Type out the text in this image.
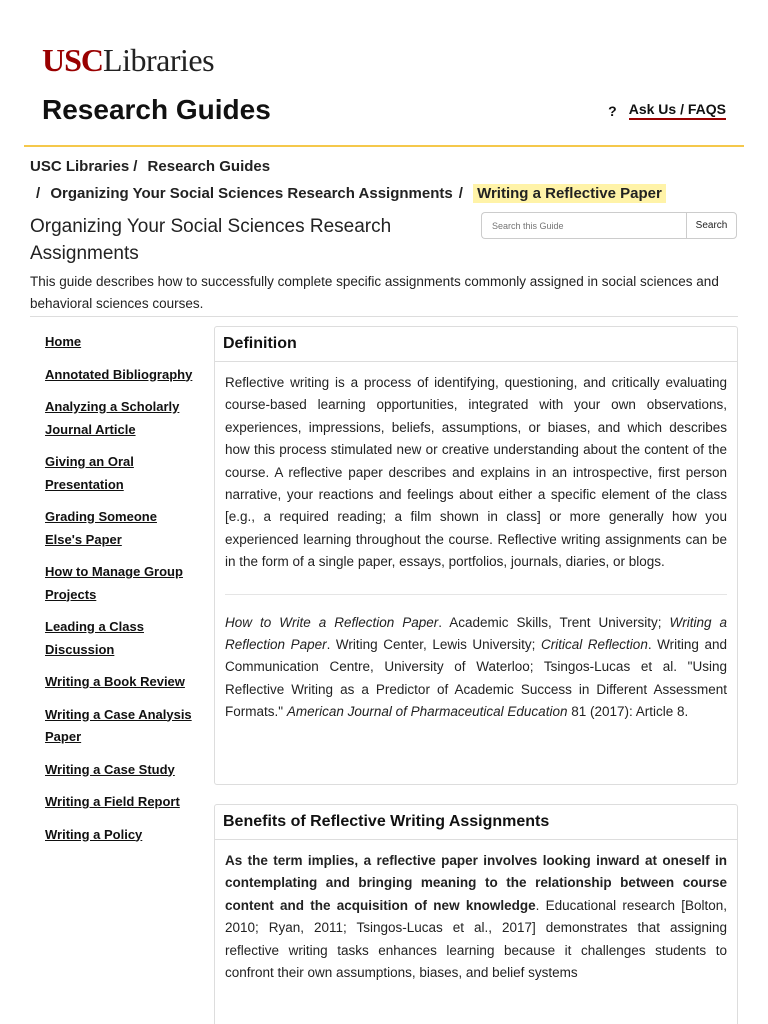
USC Libraries
Research Guides	? Ask Us / FAQS
USC Libraries / Research Guides
/ Organizing Your Social Sciences Research Assignments / Writing a Reflective Paper
Organizing Your Social Sciences Research Assignments
Search this Guide
Search
This guide describes how to successfully complete specific assignments commonly assigned in social sciences and behavioral sciences courses.
Home
Annotated Bibliography
Analyzing a Scholarly Journal Article
Giving an Oral Presentation
Grading Someone Else's Paper
How to Manage Group Projects
Leading a Class Discussion
Writing a Book Review
Writing a Case Analysis Paper
Writing a Case Study
Writing a Field Report
Writing a Policy
Definition

Reflective writing is a process of identifying, questioning, and critically evaluating course-based learning opportunities, integrated with your own observations, experiences, impressions, beliefs, assumptions, or biases, and which describes how this process stimulated new or creative understanding about the content of the course. A reflective paper describes and explains in an introspective, first person narrative, your reactions and feelings about either a specific element of the class [e.g., a required reading; a film shown in class] or more generally how you experienced learning throughout the course. Reflective writing assignments can be in the form of a single paper, essays, portfolios, journals, diaries, or blogs.

How to Write a Reflection Paper. Academic Skills, Trent University; Writing a Reflection Paper. Writing Center, Lewis University; Critical Reflection. Writing and Communication Centre, University of Waterloo; Tsingos-Lucas et al. "Using Reflective Writing as a Predictor of Academic Success in Different Assessment Formats." American Journal of Pharmaceutical Education 81 (2017): Article 8.

Benefits of Reflective Writing Assignments

As the term implies, a reflective paper involves looking inward at oneself in contemplating and bringing meaning to the relationship between course content and the acquisition of new knowledge. Educational research [Bolton, 2010; Ryan, 2011; Tsingos-Lucas et al., 2017] demonstrates that assigning reflective writing tasks enhances learning because it challenges students to confront their own assumptions, biases, and belief systems
